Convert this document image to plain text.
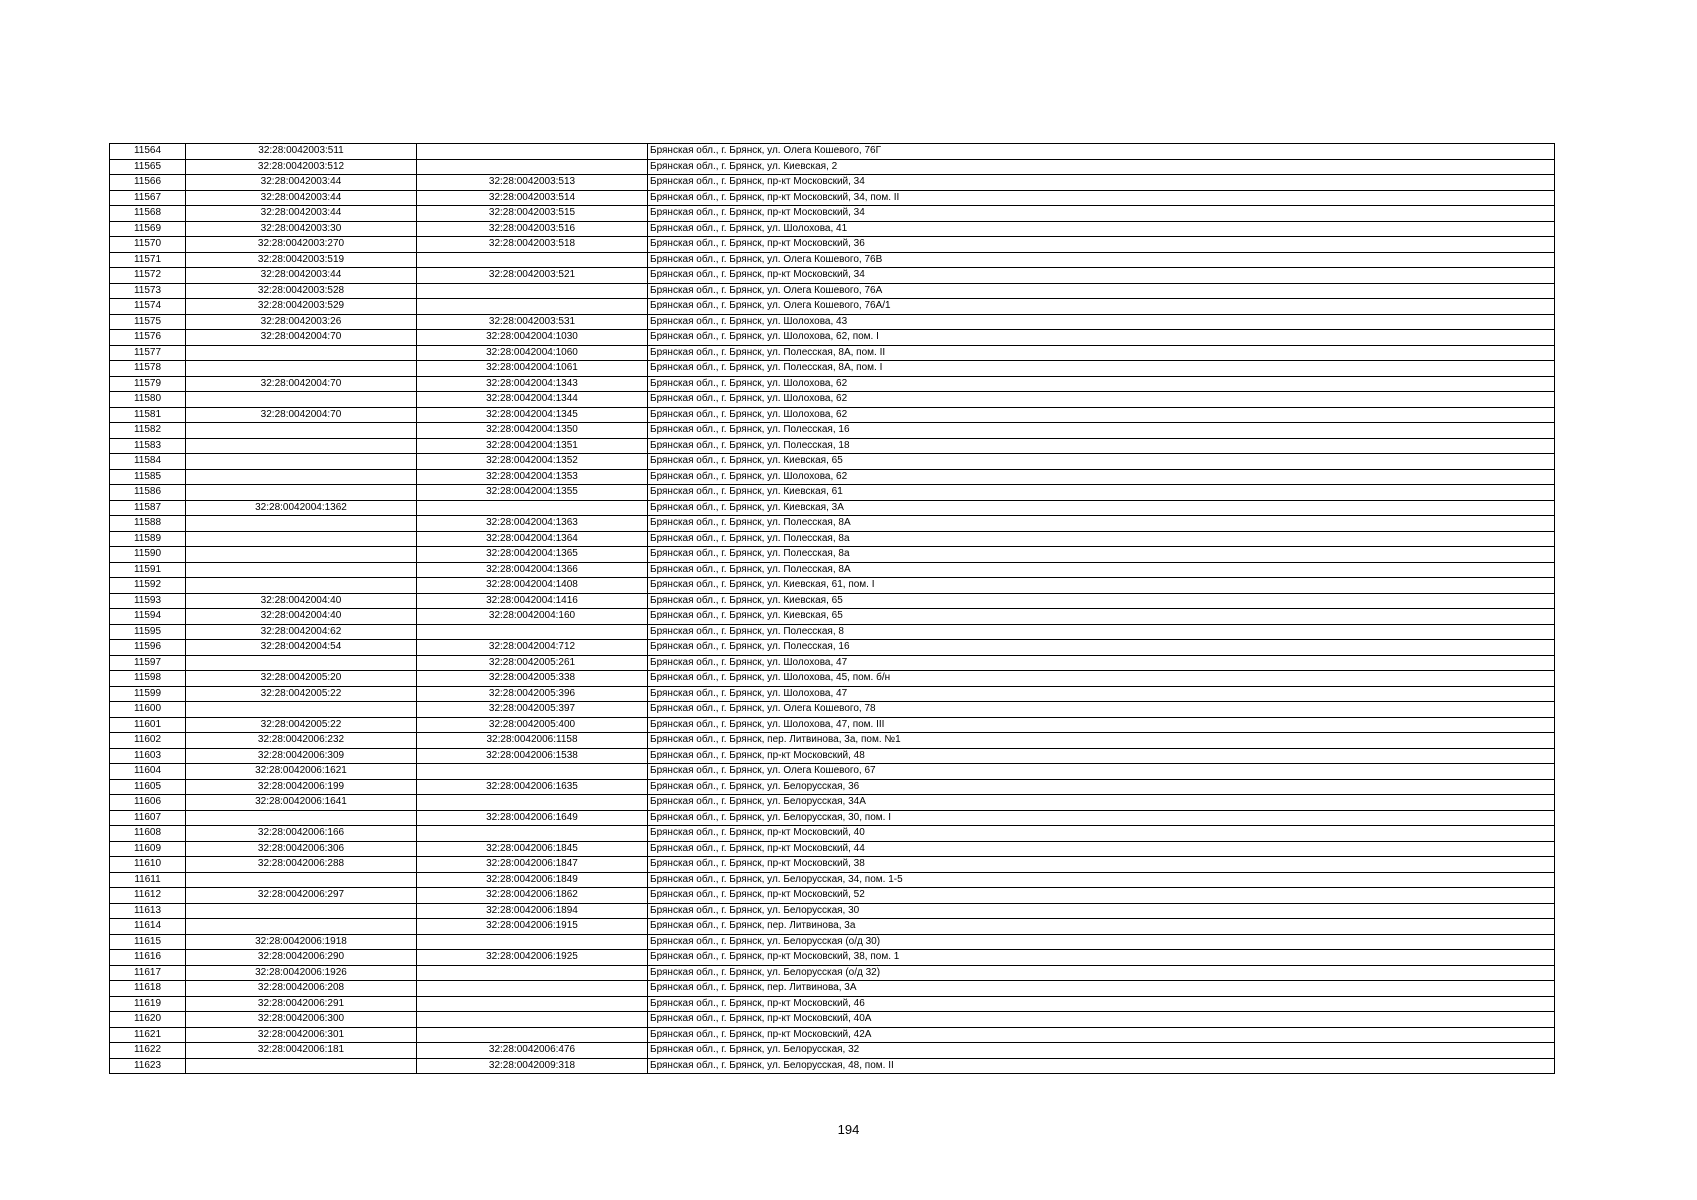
11564	32:28:0042003:511		Брянская обл., г. Брянск, ул. Олега Кошевого, 76Г
11565	32:28:0042003:512		Брянская обл., г. Брянск, ул. Киевская, 2
11566	32:28:0042003:44	32:28:0042003:513	Брянская обл., г. Брянск, пр-кт Московский, 34
11567	32:28:0042003:44	32:28:0042003:514	Брянская обл., г. Брянск, пр-кт Московский, 34, пом. II
11568	32:28:0042003:44	32:28:0042003:515	Брянская обл., г. Брянск, пр-кт Московский, 34
11569	32:28:0042003:30	32:28:0042003:516	Брянская обл., г. Брянск, ул. Шолохова, 41
11570	32:28:0042003:270	32:28:0042003:518	Брянская обл., г. Брянск, пр-кт Московский, 36
11571	32:28:0042003:519		Брянская обл., г. Брянск, ул. Олега Кошевого, 76В
11572	32:28:0042003:44	32:28:0042003:521	Брянская обл., г. Брянск, пр-кт Московский, 34
11573	32:28:0042003:528		Брянская обл., г. Брянск, ул. Олега Кошевого, 76А
11574	32:28:0042003:529		Брянская обл., г. Брянск, ул. Олега Кошевого, 76А/1
11575	32:28:0042003:26	32:28:0042003:531	Брянская обл., г. Брянск, ул. Шолохова, 43
11576	32:28:0042004:70	32:28:0042004:1030	Брянская обл., г. Брянск, ул. Шолохова, 62, пом. I
11577		32:28:0042004:1060	Брянская обл., г. Брянск, ул. Полесская, 8А, пом. II
11578		32:28:0042004:1061	Брянская обл., г. Брянск, ул. Полесская, 8А, пом. I
11579	32:28:0042004:70	32:28:0042004:1343	Брянская обл., г. Брянск, ул. Шолохова, 62
11580		32:28:0042004:1344	Брянская обл., г. Брянск, ул. Шолохова, 62
11581	32:28:0042004:70	32:28:0042004:1345	Брянская обл., г. Брянск, ул. Шолохова, 62
11582		32:28:0042004:1350	Брянская обл., г. Брянск, ул. Полесская, 16
11583		32:28:0042004:1351	Брянская обл., г. Брянск, ул. Полесская, 18
11584		32:28:0042004:1352	Брянская обл., г. Брянск, ул. Киевская, 65
11585		32:28:0042004:1353	Брянская обл., г. Брянск, ул. Шолохова, 62
11586		32:28:0042004:1355	Брянская обл., г. Брянск, ул. Киевская, 61
11587	32:28:0042004:1362		Брянская обл., г. Брянск, ул. Киевская, 3А
11588		32:28:0042004:1363	Брянская обл., г. Брянск, ул. Полесская, 8А
11589		32:28:0042004:1364	Брянская обл., г. Брянск, ул. Полесская, 8а
11590		32:28:0042004:1365	Брянская обл., г. Брянск, ул. Полесская, 8а
11591		32:28:0042004:1366	Брянская обл., г. Брянск, ул. Полесская, 8А
11592		32:28:0042004:1408	Брянская обл., г. Брянск, ул. Киевская, 61, пом. I
11593	32:28:0042004:40	32:28:0042004:1416	Брянская обл., г. Брянск, ул. Киевская, 65
11594	32:28:0042004:40	32:28:0042004:160	Брянская обл., г. Брянск, ул. Киевская, 65
11595	32:28:0042004:62		Брянская обл., г. Брянск, ул. Полесская, 8
11596	32:28:0042004:54	32:28:0042004:712	Брянская обл., г. Брянск, ул. Полесская, 16
11597		32:28:0042005:261	Брянская обл., г. Брянск, ул. Шолохова, 47
11598	32:28:0042005:20	32:28:0042005:338	Брянская обл., г. Брянск, ул. Шолохова, 45, пом. б/н
11599	32:28:0042005:22	32:28:0042005:396	Брянская обл., г. Брянск, ул. Шолохова, 47
11600		32:28:0042005:397	Брянская обл., г. Брянск, ул. Олега Кошевого, 78
11601	32:28:0042005:22	32:28:0042005:400	Брянская обл., г. Брянск, ул. Шолохова, 47, пом. III
11602	32:28:0042006:232	32:28:0042006:1158	Брянская обл., г. Брянск, пер. Литвинова, 3а, пом. №1
11603	32:28:0042006:309	32:28:0042006:1538	Брянская обл., г. Брянск, пр-кт Московский, 48
11604	32:28:0042006:1621		Брянская обл., г. Брянск, ул. Олега Кошевого, 67
11605	32:28:0042006:199	32:28:0042006:1635	Брянская обл., г. Брянск, ул. Белорусская, 36
11606	32:28:0042006:1641		Брянская обл., г. Брянск, ул. Белорусская, 34А
11607		32:28:0042006:1649	Брянская обл., г. Брянск, ул. Белорусская, 30, пом. I
11608	32:28:0042006:166		Брянская обл., г. Брянск, пр-кт Московский, 40
11609	32:28:0042006:306	32:28:0042006:1845	Брянская обл., г. Брянск, пр-кт Московский, 44
11610	32:28:0042006:288	32:28:0042006:1847	Брянская обл., г. Брянск, пр-кт Московский, 38
11611		32:28:0042006:1849	Брянская обл., г. Брянск, ул. Белорусская, 34, пом. 1-5
11612	32:28:0042006:297	32:28:0042006:1862	Брянская обл., г. Брянск, пр-кт Московский, 52
11613		32:28:0042006:1894	Брянская обл., г. Брянск, ул. Белорусская, 30
11614		32:28:0042006:1915	Брянская обл., г. Брянск, пер. Литвинова, 3а
11615	32:28:0042006:1918		Брянская обл., г. Брянск, ул. Белорусская (о/д 30)
11616	32:28:0042006:290	32:28:0042006:1925	Брянская обл., г. Брянск, пр-кт Московский, 38, пом. 1
11617	32:28:0042006:1926		Брянская обл., г. Брянск, ул. Белорусская (о/д 32)
11618	32:28:0042006:208		Брянская обл., г. Брянск, пер. Литвинова, 3А
11619	32:28:0042006:291		Брянская обл., г. Брянск, пр-кт Московский, 46
11620	32:28:0042006:300		Брянская обл., г. Брянск, пр-кт Московский, 40А
11621	32:28:0042006:301		Брянская обл., г. Брянск, пр-кт Московский, 42А
11622	32:28:0042006:181	32:28:0042006:476	Брянская обл., г. Брянск, ул. Белорусская, 32
11623		32:28:0042009:318	Брянская обл., г. Брянск, ул. Белорусская, 48, пом. II
194
